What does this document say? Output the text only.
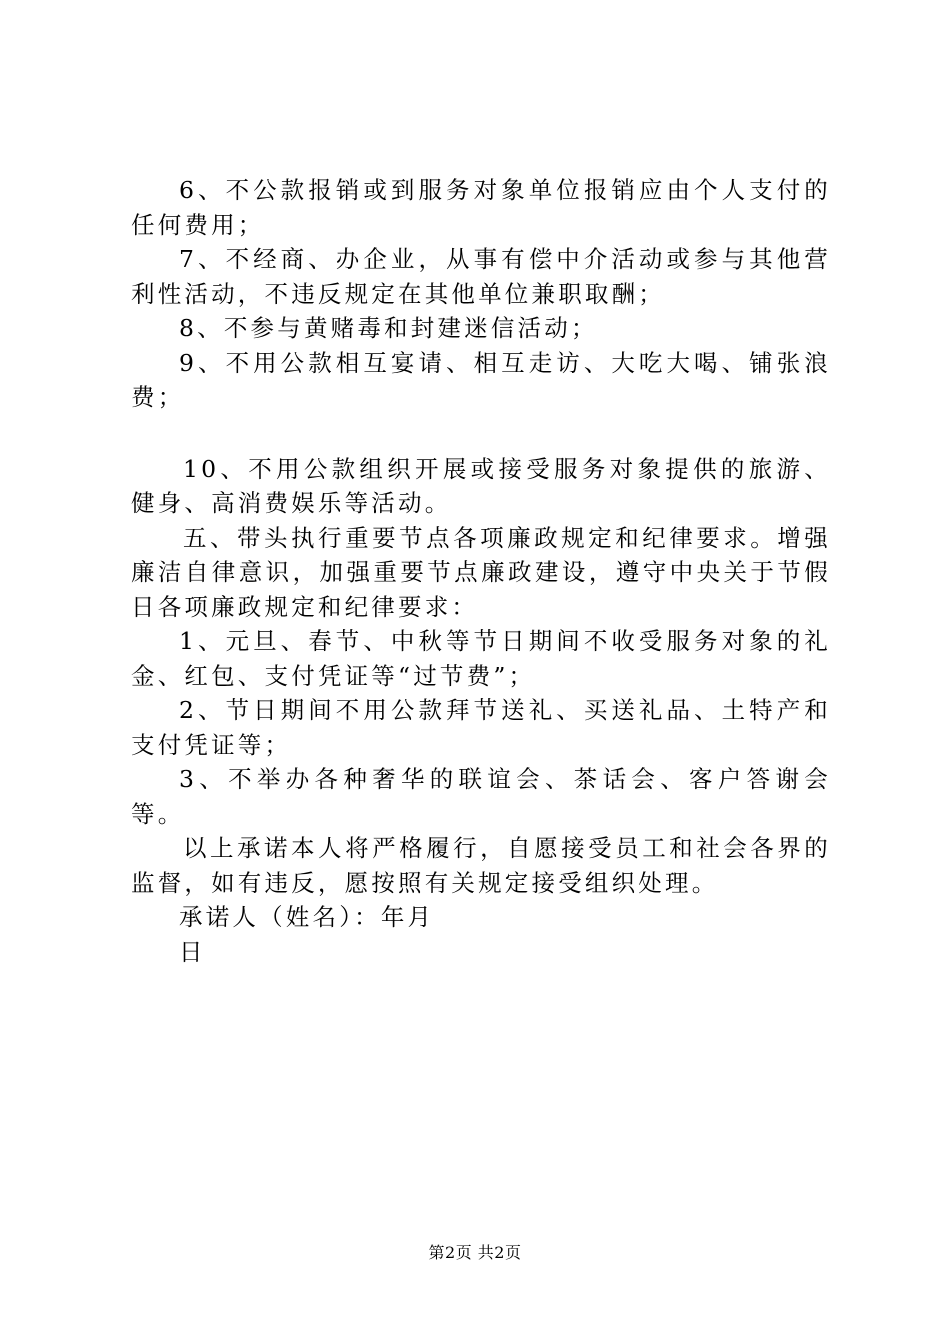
6、不公款报销或到服务对象单位报销应由个人支付的任何费用；

7、不经商、办企业，从事有偿中介活动或参与其他营利性活动，不违反规定在其他单位兼职取酬；

8、不参与黄赌毒和封建迷信活动；

9、不用公款相互宴请、相互走访、大吃大喝、铺张浪费；

10、不用公款组织开展或接受服务对象提供的旅游、健身、高消费娱乐等活动。

五、带头执行重要节点各项廉政规定和纪律要求。增强廉洁自律意识，加强重要节点廉政建设，遵守中央关于节假日各项廉政规定和纪律要求：

1、元旦、春节、中秋等节日期间不收受服务对象的礼金、红包、支付凭证等“过节费”；

2、节日期间不用公款拜节送礼、买送礼品、土特产和支付凭证等；

3、不举办各种奢华的联谊会、茶话会、客户答谢会等。

以上承诺本人将严格履行，自愿接受员工和社会各界的监督，如有违反，愿按照有关规定接受组织处理。

承诺人（姓名）：年月

日

第2页 共2页
